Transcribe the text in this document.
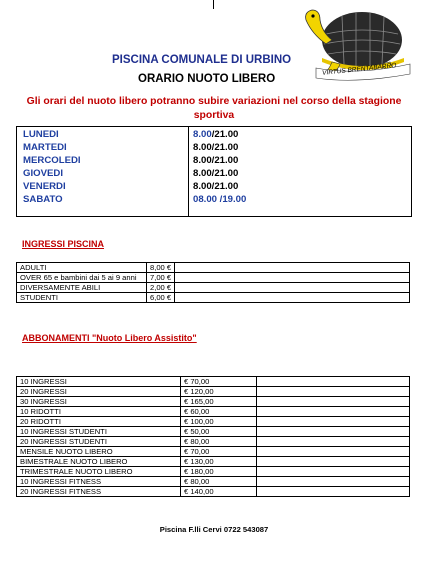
VIRTUS BRENTABARRO
PISCINA COMUNALE DI URBINO
ORARIO NUOTO LIBERO
Gli orari del nuoto libero potranno subire variazioni nel corso della stagione sportiva
LUNEDI	8.00/21.00
MARTEDI	8.00/21.00
MERCOLEDI	8.00/21.00
GIOVEDI	8.00/21.00
VENERDI	8.00/21.00
SABATO	08.00 /19.00
INGRESSI PISCINA
ADULTI	8,00 €	
OVER 65 e bambini dai 5 ai 9 anni	7,00 €	
DIVERSAMENTE ABILI	2,00 €	
STUDENTI	6,00 €	
ABBONAMENTI "Nuoto Libero Assistito"
10 INGRESSI	€ 70,00	
20 INGRESSI	€ 120,00	
30 INGRESSI	€ 165,00	
10 RIDOTTI	€ 60,00	
20 RIDOTTI	€ 100,00	
10 INGRESSI STUDENTI	€ 50,00	
20 INGRESSI STUDENTI	€ 80,00	
MENSILE NUOTO LIBERO	€ 70,00	
BIMESTRALE NUOTO LIBERO	€ 130,00	
TRIMESTRALE NUOTO LIBERO	€ 180,00	
10 INGRESSI FITNESS	€ 80,00	
20 INGRESSI FITNESS	€ 140,00	
Piscina F.lli Cervi 0722 543087
